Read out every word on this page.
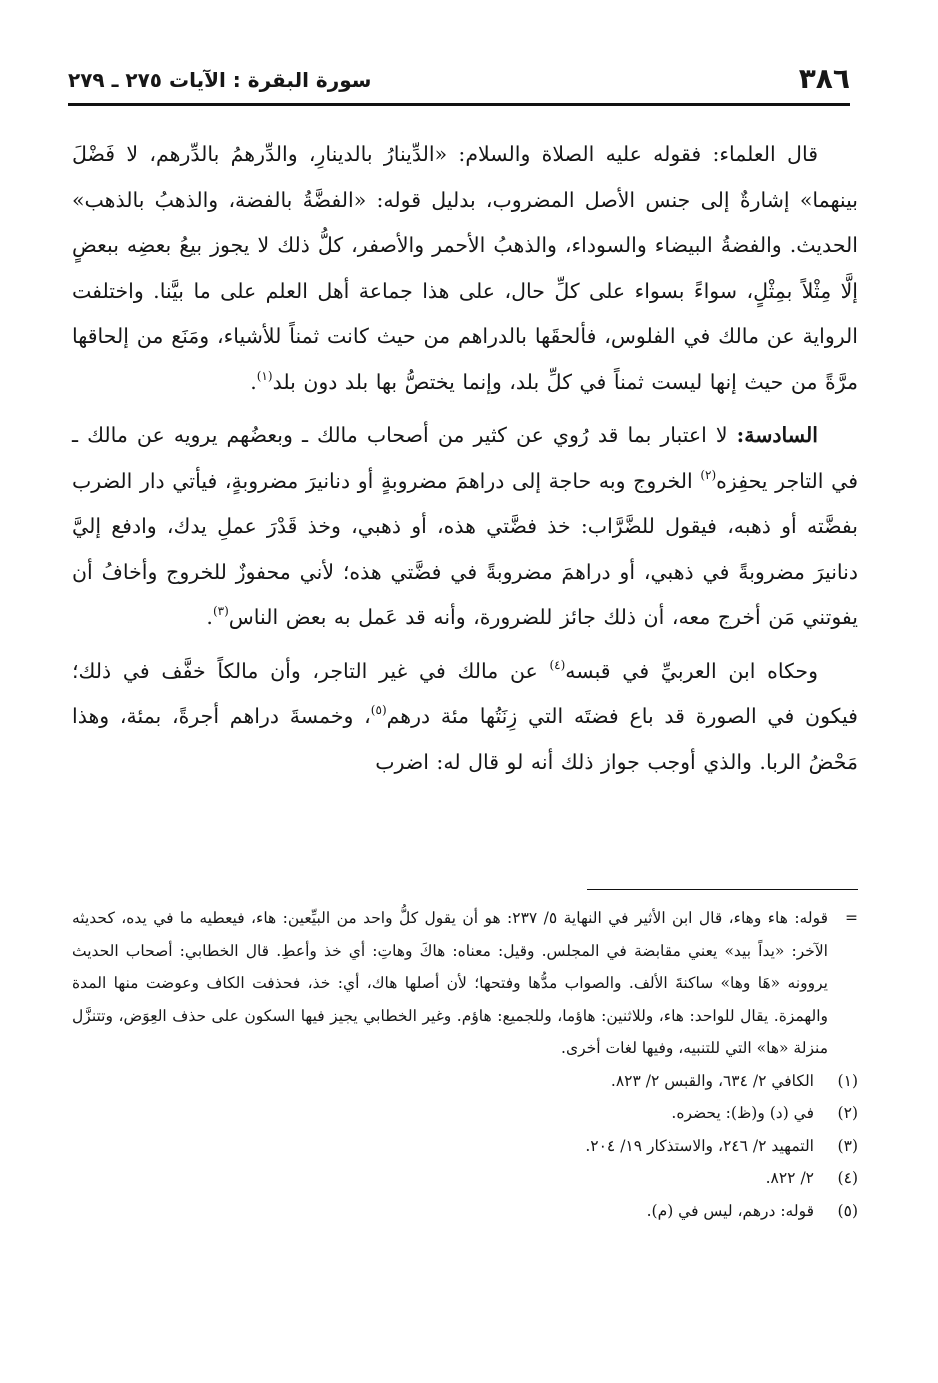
٣٨٦
سورة البقرة : الآيات ٢٧٥ ـ ٢٧٩

قال العلماء: فقوله عليه الصلاة والسلام: «الدِّينارُ بالدينارِ، والدِّرهمُ بالدِّرهم، لا فَضْلَ بينهما» إشارةٌ إلى جنس الأصل المضروب، بدليل قوله: «الفضَّةُ بالفضة، والذهبُ بالذهب» الحديث. والفضةُ البيضاء والسوداء، والذهبُ الأحمر والأصفر، كلُّ ذلك لا يجوز بيعُ بعضِه ببعضٍ إلَّا مِثْلاً بمِثْلٍ، سواءً بسواء على كلِّ حال، على هذا جماعة أهل العلم على ما بيَّنا. واختلفت الرواية عن مالك في الفلوس، فألحقَها بالدراهم من حيث كانت ثمناً للأشياء، ومَنَع من إلحاقها مرَّةً من حيث إنها ليست ثمناً في كلِّ بلد، وإنما يختصُّ بها بلد دون بلد$^{(١)}$.

السادسة: لا اعتبار بما قد رُوي عن كثير من أصحاب مالك ـ وبعضُهم يرويه عن مالك ـ في التاجر يحفِزه$^{(٢)}$ الخروج وبه حاجة إلى دراهمَ مضروبةٍ أو دنانيرَ مضروبةٍ، فيأتي دار الضرب بفضَّته أو ذهبه، فيقول للضَّرَّاب: خذ فضَّتي هذه، أو ذهبي، وخذ قَدْرَ عملِ يدك، وادفع إليَّ دنانيرَ مضروبةً في ذهبي، أو دراهمَ مضروبةً في فضَّتي هذه؛ لأني محفوزٌ للخروج وأخافُ أن يفوتني مَن أخرج معه، أن ذلك جائز للضرورة، وأنه قد عَمل به بعض الناس$^{(٣)}$.

وحكاه ابن العربيِّ في قبسه$^{(٤)}$ عن مالك في غير التاجر، وأن مالكاً خفَّف في ذلك؛ فيكون في الصورة قد باع فضتَه التي زِنَتُها مئة درهم$^{(٥)}$، وخمسةَ دراهم أجرةً، بمئة، وهذا مَحْضُ الربا. والذي أوجب جواز ذلك أنه لو قال له: اضرب

=
قوله: هاء وهاء، قال ابن الأثير في النهاية ٥/ ٢٣٧: هو أن يقول كلُّ واحد من البيِّعين: هاء، فيعطيه ما في يده، كحديثه الآخر: «يداً بيد» يعني مقابضة في المجلس. وقيل: معناه: هاكَ وهاتِ: أي خذ وأعطِ. قال الخطابي: أصحاب الحديث يروونه «هَا وها» ساكنةَ الألف. والصواب مدُّها وفتحها؛ لأن أصلها هاك، أي: خذ، فحذفت الكاف وعوضت منها المدة والهمزة. يقال للواحد: هاء، وللاثنين: هاؤما، وللجميع: هاؤم. وغير الخطابي يجيز فيها السكون على حذف العِوَض، وتتنزَّل منزلة «ها» التي للتنبيه، وفيها لغات أخرى.
(١)
الكافي ٢/ ٦٣٤، والقبس ٢/ ٨٢٣.
(٢)
في (د) و(ظ): يحضره.
(٣)
التمهيد ٢/ ٢٤٦، والاستذكار ١٩/ ٢٠٤.
(٤)
٢/ ٨٢٢.
(٥)
قوله: درهم، ليس في (م).
